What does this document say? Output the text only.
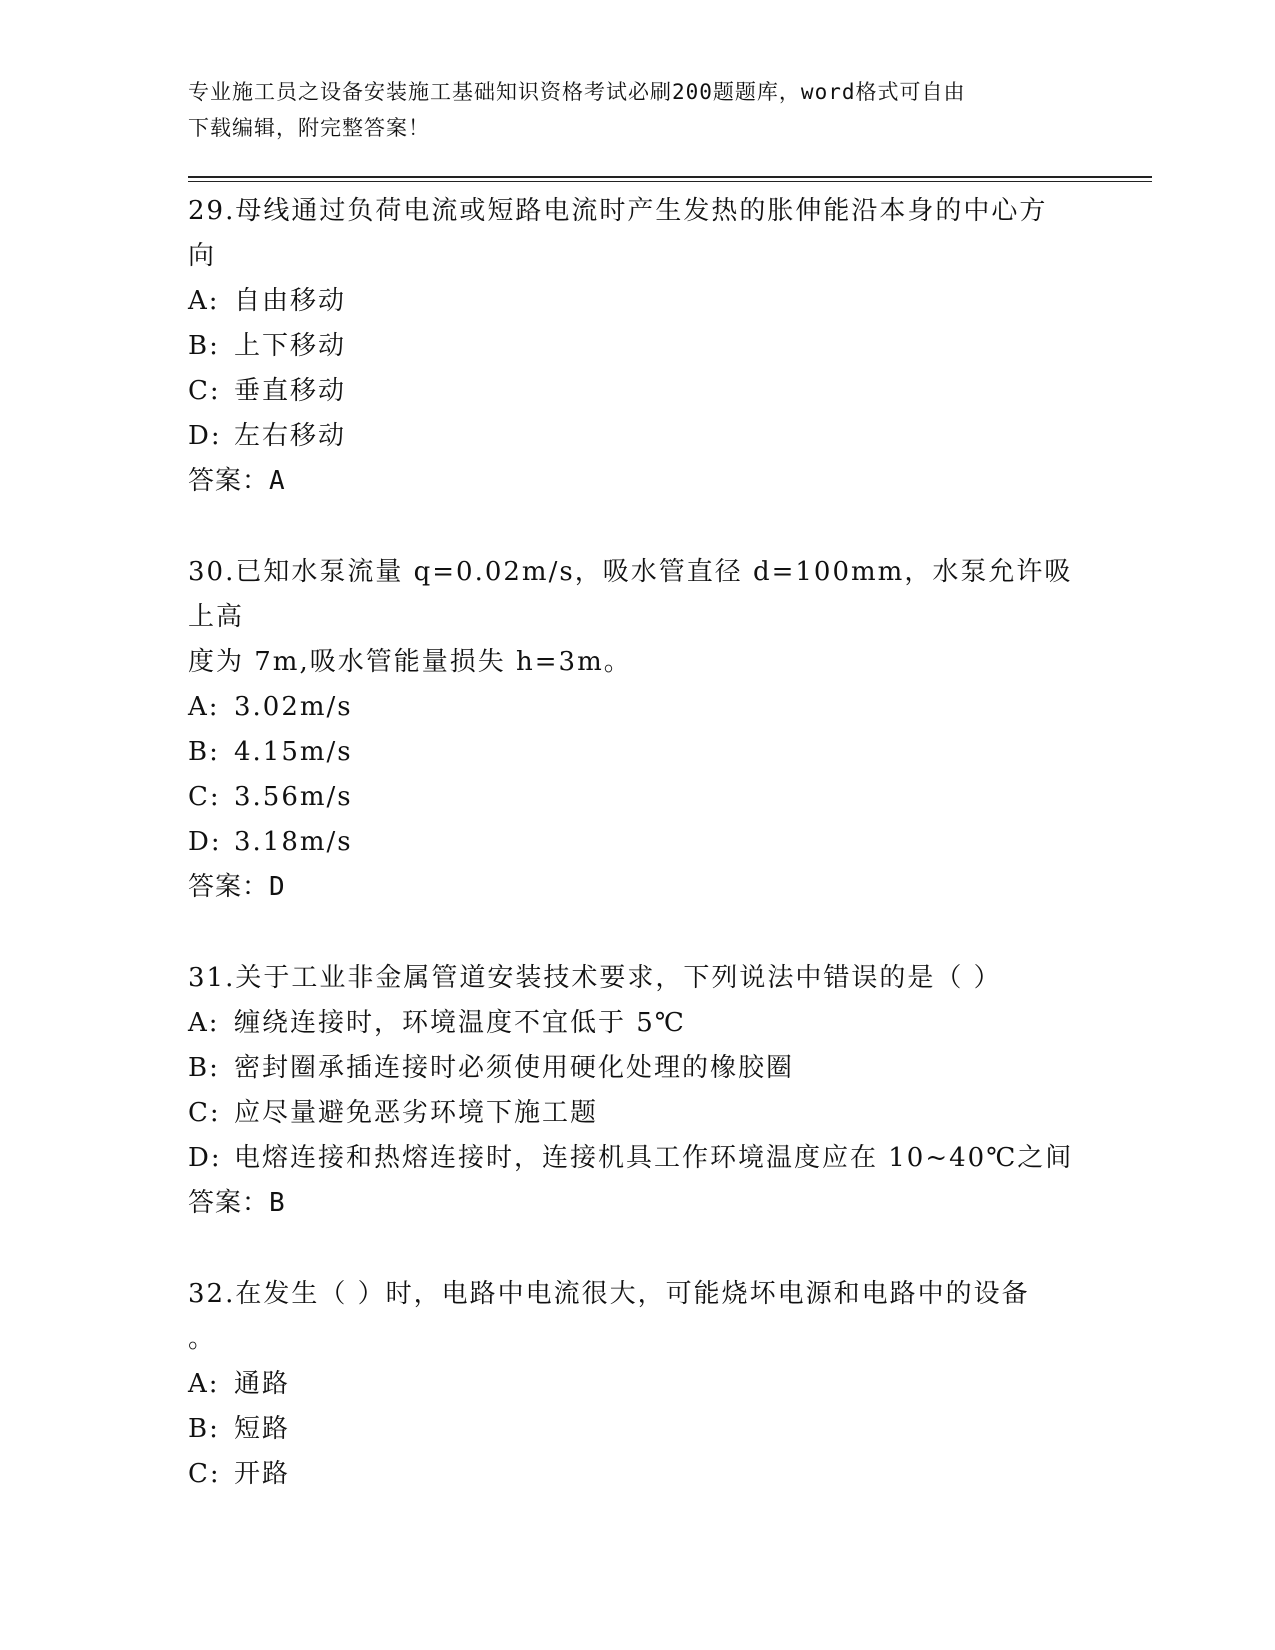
专业施工员之设备安装施工基础知识资格考试必刷200题题库，word格式可自由
下载编辑，附完整答案！
29.母线通过负荷电流或短路电流时产生发热的胀伸能沿本身的中心方
向
A: 自由移动
B: 上下移动
C: 垂直移动
D: 左右移动
答案：A
30.已知水泵流量 q=0.02m/s，吸水管直径 d=100mm，水泵允许吸上高
度为 7m,吸水管能量损失 h=3m。
A: 3.02m/s
B: 4.15m/s
C: 3.56m/s
D: 3.18m/s
答案：D
31.关于工业非金属管道安装技术要求，下列说法中错误的是（ ）
A: 缠绕连接时，环境温度不宜低于 5℃
B: 密封圈承插连接时必须使用硬化处理的橡胶圈
C: 应尽量避免恶劣环境下施工题
D: 电熔连接和热熔连接时，连接机具工作环境温度应在 10~40℃之间
答案：B
32.在发生（ ）时，电路中电流很大，可能烧坏电源和电路中的设备
。
A: 通路
B: 短路
C: 开路
